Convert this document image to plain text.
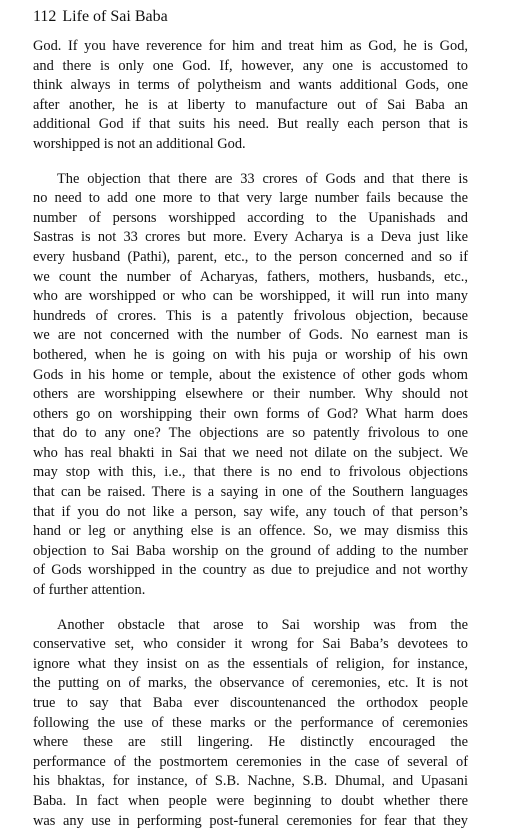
112 Life of Sai Baba
God. If you have reverence for him and treat him as God, he is God,
and there is only one God. If, however, any one is accustomed to
think always in terms of polytheism and wants additional Gods, one
after another, he is at liberty to manufacture out of Sai Baba an
additional God if that suits his need. But really each person that is
worshipped is not an additional God.
The objection that there are 33 crores of Gods and that there is
no need to add one more to that very large number fails because the
number of persons worshipped according to the Upanishads and
Sastras is not 33 crores but more. Every Acharya is a Deva just like
every husband (Pathi), parent, etc., to the person concerned and so if
we count the number of Acharyas, fathers, mothers, husbands, etc.,
who are worshipped or who can be worshipped, it will run into many
hundreds of crores. This is a patently frivolous objection, because
we are not concerned with the number of Gods. No earnest man is
bothered, when he is going on with his puja or worship of his own
Gods in his home or temple, about the existence of other gods whom
others are worshipping elsewhere or their number. Why should not
others go on worshipping their own forms of God? What harm does
that do to any one? The objections are so patently frivolous to one
who has real bhakti in Sai that we need not dilate on the subject. We
may stop with this, i.e., that there is no end to frivolous objections
that can be raised. There is a saying in one of the Southern languages
that if you do not like a person, say wife, any touch of that person’s
hand or leg or anything else is an offence. So, we may dismiss this
objection to Sai Baba worship on the ground of adding to the number
of Gods worshipped in the country as due to prejudice and not worthy
of further attention.
Another obstacle that arose to Sai worship was from the
conservative set, who consider it wrong for Sai Baba’s devotees to
ignore what they insist on as the essentials of religion, for instance,
the putting on of marks, the observance of ceremonies, etc. It is not
true to say that Baba ever discountenanced the orthodox people
following the use of these marks or the performance of ceremonies
where these are still lingering. He distinctly encouraged the
performance of the postmortem ceremonies in the case of several of
his bhaktas, for instance, of S.B. Nachne, S.B. Dhumal, and Upasani
Baba. In fact when people were beginning to doubt whether there
was any use in performing post-funeral ceremonies for fear that they
